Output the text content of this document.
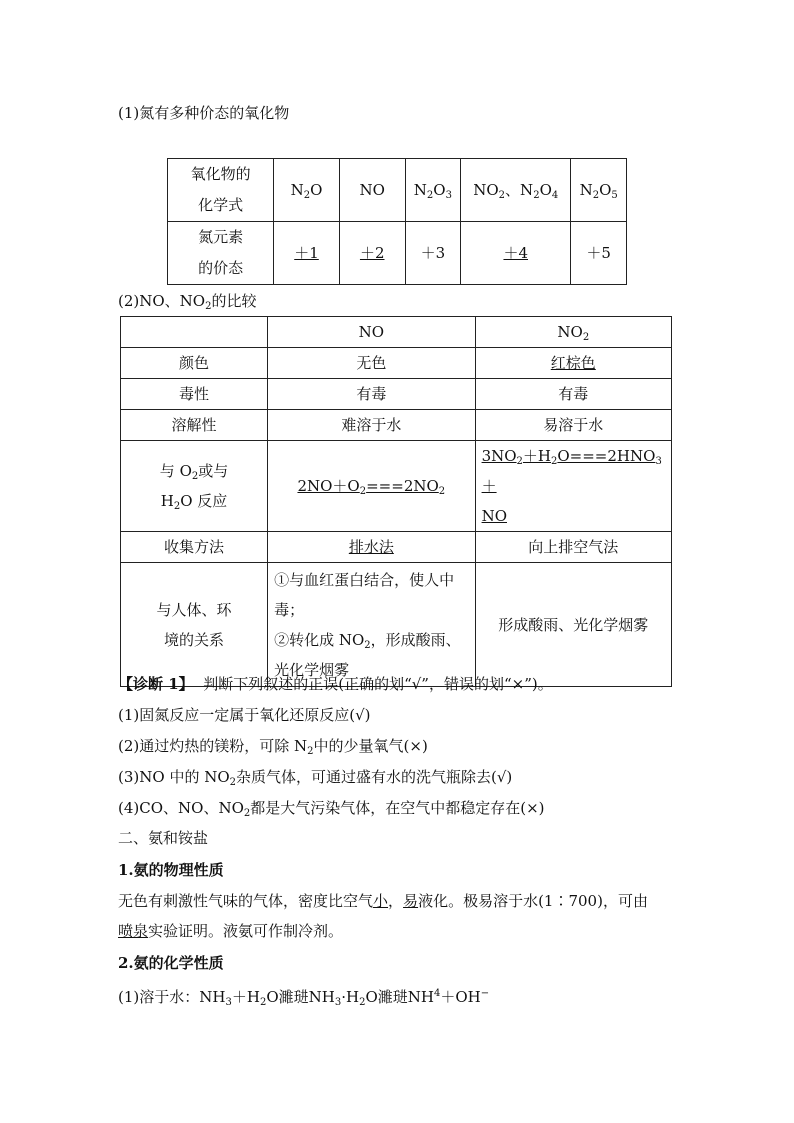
(1)氮有多种价态的氧化物
氧化物的
化学式	$N_2O$	NO	$N_2O_3$	$NO_2$、$N_2O_4$	$N_2O_5$
氮元素
的价态	＋1	＋2	＋3	＋4	＋5
(2)NO、$NO_2$的比较
	NO	$NO_2$
颜色	无色	红棕色
毒性	有毒	有毒
溶解性	难溶于水	易溶于水
与 $O_2$或与
$H_2O$ 反应	$2NO+O_2===2NO_2$	$3NO_2+H_2O===2HNO_3+$
NO
收集方法	排水法	向上排空气法
与人体、环
境的关系	①与血红蛋白结合，使人中
毒；
②转化成 $NO_2$，形成酸雨、
光化学烟雾	形成酸雨、光化学烟雾
【诊断 1】 判断下列叙述的正误(正确的划“√”，错误的划“×”)。
(1)固氮反应一定属于氧化还原反应(√)
(2)通过灼热的镁粉，可除 $N_2$中的少量氧气(×)
(3)NO 中的 $NO_2$杂质气体，可通过盛有水的洗气瓶除去(√)
(4)CO、NO、$NO_2$都是大气污染气体，在空气中都稳定存在(×)
二、氨和铵盐
1.氨的物理性质
无色有刺激性气味的气体，密度比空气小，易液化。极易溶于水(1∶700)，可由
喷泉实验证明。液氨可作制冷剂。
2.氨的化学性质
(1)溶于水：$NH_3+H_2O$濉琎$NH_3\cdot H_2O$濉琎$NH^4+OH^-$
